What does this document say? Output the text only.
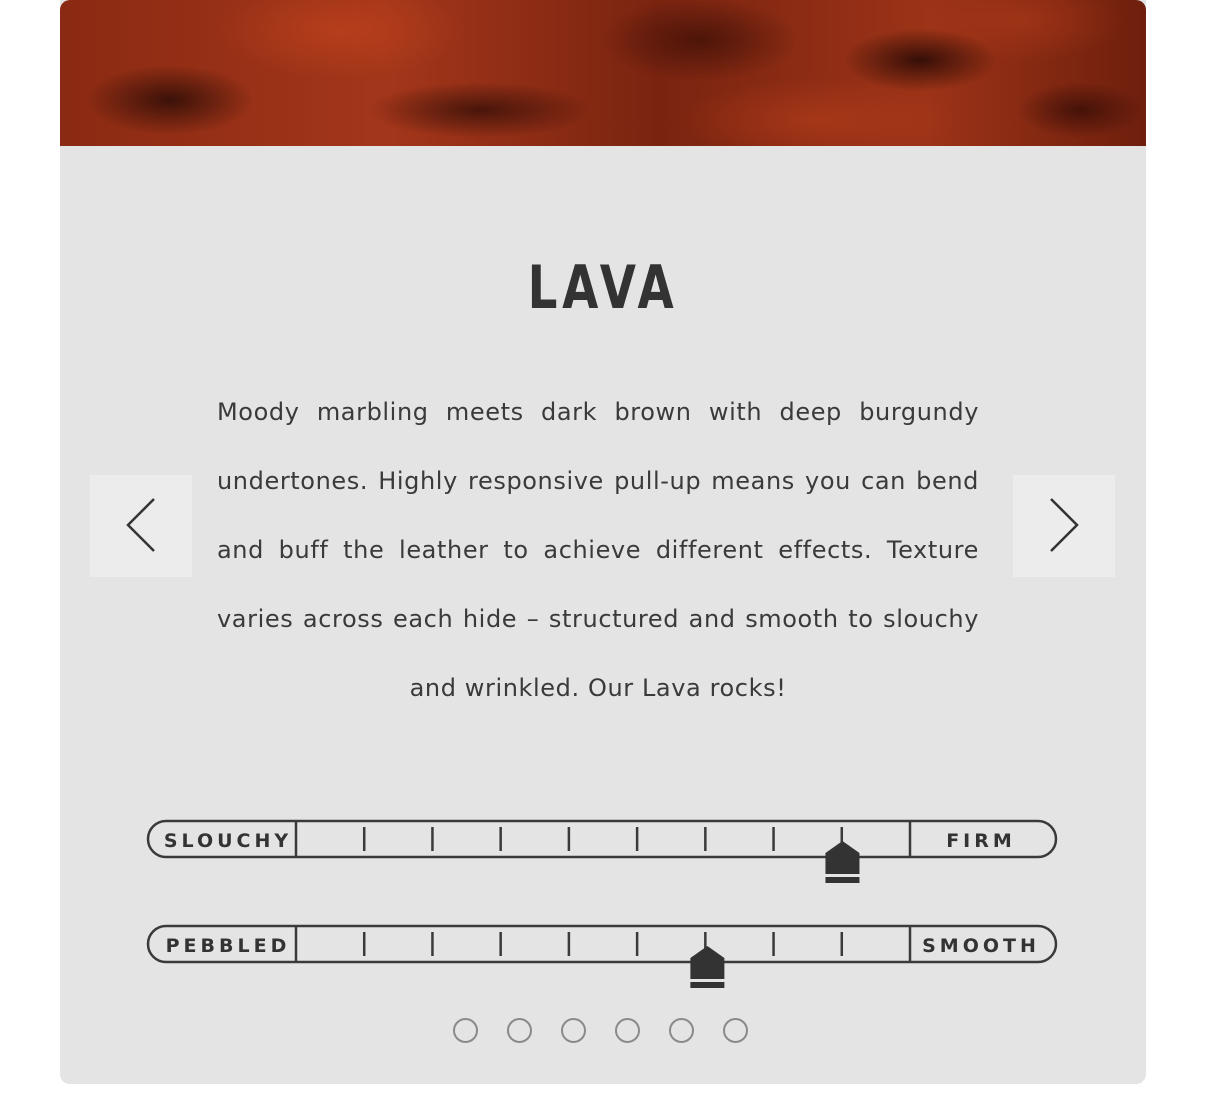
LAVA

Moody marbling meets dark brown with deep burgundy undertones. Highly responsive pull-up means you can bend and buff the leather to achieve different effects. Texture varies across each hide – structured and smooth to slouchy and wrinkled. Our Lava rocks!

SLOUCHY	FIRM
PEBBLED	SMOOTH
